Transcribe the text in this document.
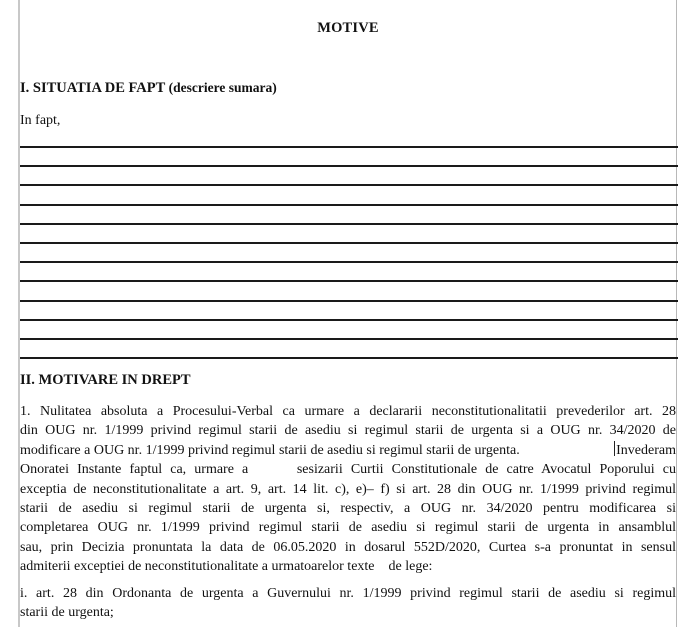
MOTIVE
I. SITUATIA DE FAPT (descriere sumara)
In fapt,
II. MOTIVARE IN DREPT
1. Nulitatea absoluta a Procesului-Verbal ca urmare a declararii neconstitutionalitatii prevederilor art. 28
din OUG nr. 1/1999 privind regimul starii de asediu si regimul starii de urgenta si a OUG nr. 34/2020 de
modificare a OUG nr. 1/1999 privind regimul starii de asediu si regimul starii de urgenta.	Invederam
Onoratei Instante faptul ca, urmare a      sesizarii Curtii Constitutionale de catre Avocatul Poporului cu
exceptia de neconstitutionalitate a art. 9, art. 14 lit. c), e)– f) si art. 28 din OUG nr. 1/1999 privind regimul
starii de asediu si regimul starii de urgenta si, respectiv, a OUG nr. 34/2020 pentru modificarea si
completarea OUG nr. 1/1999 privind regimul starii de asediu si regimul starii de urgenta in ansamblul
sau, prin Decizia pronuntata la data de 06.05.2020 in dosarul 552D/2020, Curtea s-a pronuntat in sensul
admiterii exceptiei de neconstitutionalitate a urmatoarelor texte    de lege:
i. art. 28 din Ordonanta de urgenta a Guvernului nr. 1/1999 privind regimul starii de asediu si regimul
starii de urgenta;
